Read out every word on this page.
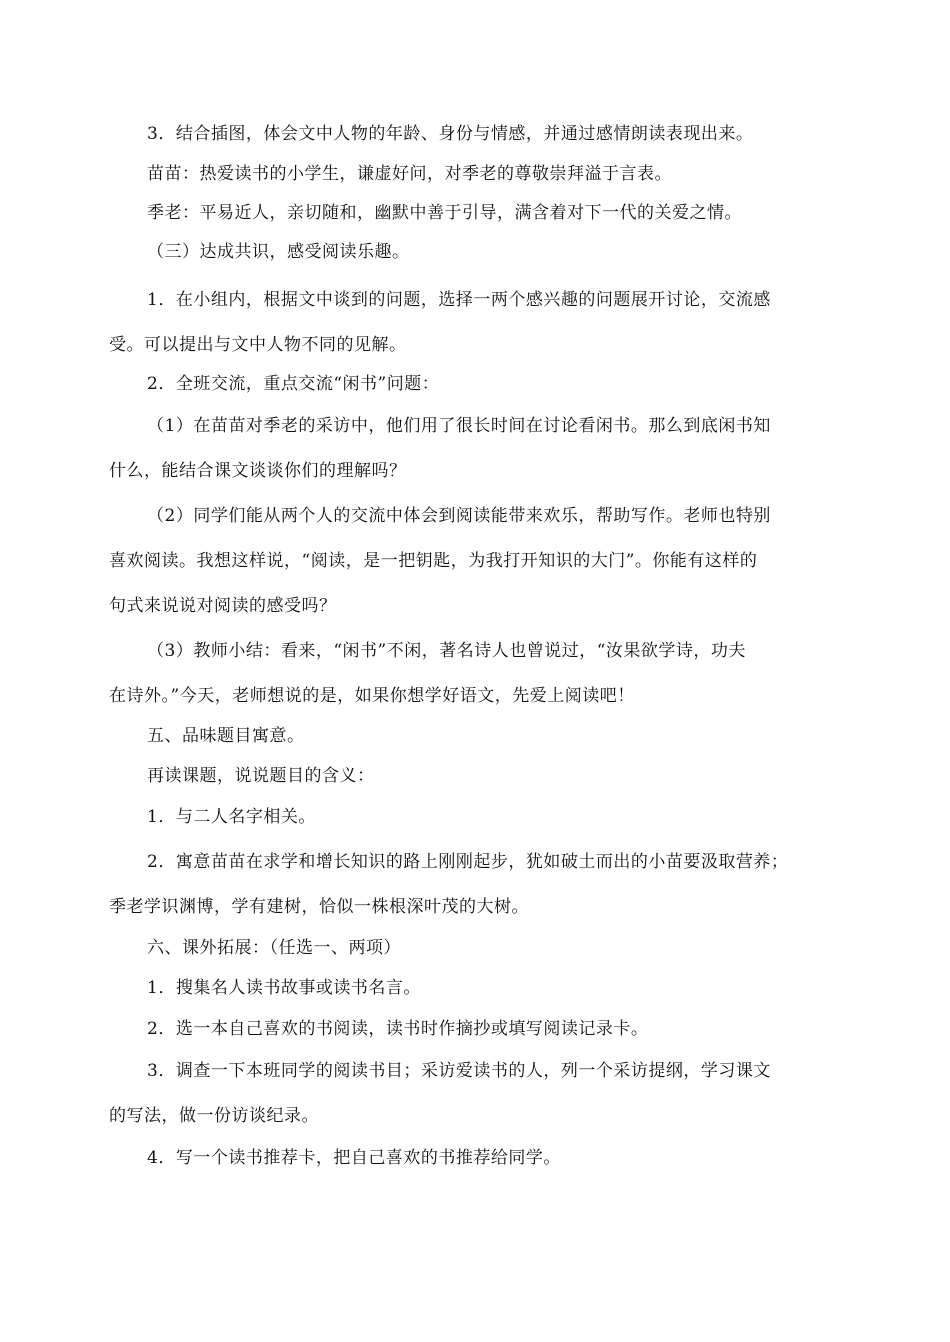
3．结合插图，体会文中人物的年龄、身份与情感，并通过感情朗读表现出来。
苗苗：热爱读书的小学生，谦虚好问，对季老的尊敬崇拜溢于言表。
季老：平易近人，亲切随和，幽默中善于引导，满含着对下一代的关爱之情。
（三）达成共识，感受阅读乐趣。
1．在小组内，根据文中谈到的问题，选择一两个感兴趣的问题展开讨论，交流感
受。可以提出与文中人物不同的见解。
2．全班交流，重点交流“闲书”问题：
（1）在苗苗对季老的采访中，他们用了很长时间在讨论看闲书。那么到底闲书知
什么，能结合课文谈谈你们的理解吗？
（2）同学们能从两个人的交流中体会到阅读能带来欢乐，帮助写作。老师也特别
喜欢阅读。我想这样说，“阅读，是一把钥匙，为我打开知识的大门”。你能有这样的
句式来说说对阅读的感受吗？
（3）教师小结：看来，“闲书”不闲，著名诗人也曾说过，“汝果欲学诗，功夫
在诗外。”今天，老师想说的是，如果你想学好语文，先爱上阅读吧！
五、品味题目寓意。
再读课题，说说题目的含义：
1．与二人名字相关。
2．寓意苗苗在求学和增长知识的路上刚刚起步，犹如破土而出的小苗要汲取营养；
季老学识渊博，学有建树，恰似一株根深叶茂的大树。
六、课外拓展：（任选一、两项）
1．搜集名人读书故事或读书名言。
2．选一本自己喜欢的书阅读，读书时作摘抄或填写阅读记录卡。
3．调查一下本班同学的阅读书目；采访爱读书的人，列一个采访提纲，学习课文
的写法，做一份访谈纪录。
4．写一个读书推荐卡，把自己喜欢的书推荐给同学。
